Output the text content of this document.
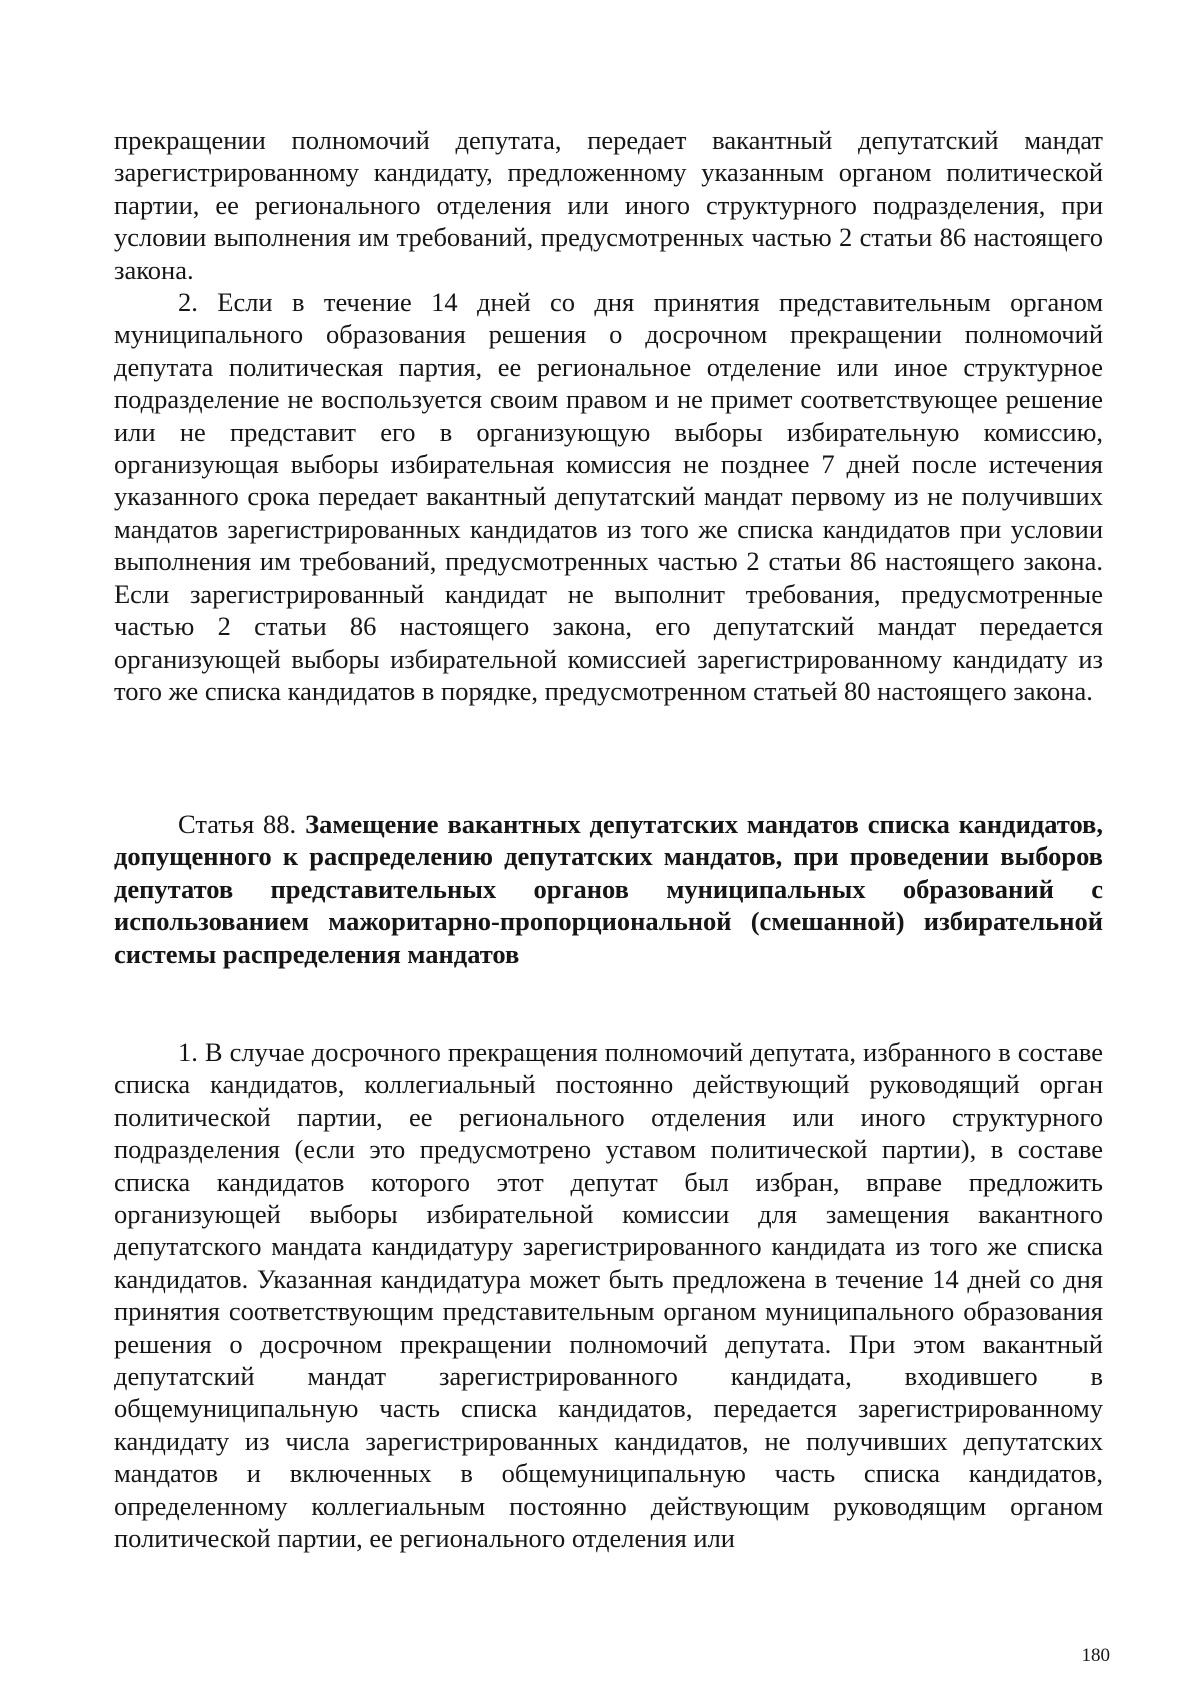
прекращении полномочий депутата, передает вакантный депутатский мандат зарегистрированному кандидату, предложенному указанным органом политической партии, ее регионального отделения или иного структурного подразделения, при условии выполнения им требований, предусмотренных частью 2 статьи 86 настоящего закона.

2. Если в течение 14 дней со дня принятия представительным органом муниципального образования решения о досрочном прекращении полномочий депутата политическая партия, ее региональное отделение или иное структурное подразделение не воспользуется своим правом и не примет соответствующее решение или не представит его в организующую выборы избирательную комиссию, организующая выборы избирательная комиссия не позднее 7 дней после истечения указанного срока передает вакантный депутатский мандат первому из не получивших мандатов зарегистрированных кандидатов из того же списка кандидатов при условии выполнения им требований, предусмотренных частью 2 статьи 86 настоящего закона. Если зарегистрированный кандидат не выполнит требования, предусмотренные частью 2 статьи 86 настоящего закона, его депутатский мандат передается организующей выборы избирательной комиссией зарегистрированному кандидату из того же списка кандидатов в порядке, предусмотренном статьей 80 настоящего закона.

Статья 88. Замещение вакантных депутатских мандатов списка кандидатов, допущенного к распределению депутатских мандатов, при проведении выборов депутатов представительных органов муниципальных образований с использованием мажоритарно-пропорциональной (смешанной) избирательной системы распределения мандатов

1. В случае досрочного прекращения полномочий депутата, избранного в составе списка кандидатов, коллегиальный постоянно действующий руководящий орган политической партии, ее регионального отделения или иного структурного подразделения (если это предусмотрено уставом политической партии), в составе списка кандидатов которого этот депутат был избран, вправе предложить организующей выборы избирательной комиссии для замещения вакантного депутатского мандата кандидатуру зарегистрированного кандидата из того же списка кандидатов. Указанная кандидатура может быть предложена в течение 14 дней со дня принятия соответствующим представительным органом муниципального образования решения о досрочном прекращении полномочий депутата. При этом вакантный депутатский мандат зарегистрированного кандидата, входившего в общемуниципальную часть списка кандидатов, передается зарегистрированному кандидату из числа зарегистрированных кандидатов, не получивших депутатских мандатов и включенных в общемуниципальную часть списка кандидатов, определенному коллегиальным постоянно действующим руководящим органом политической партии, ее регионального отделения или

180
